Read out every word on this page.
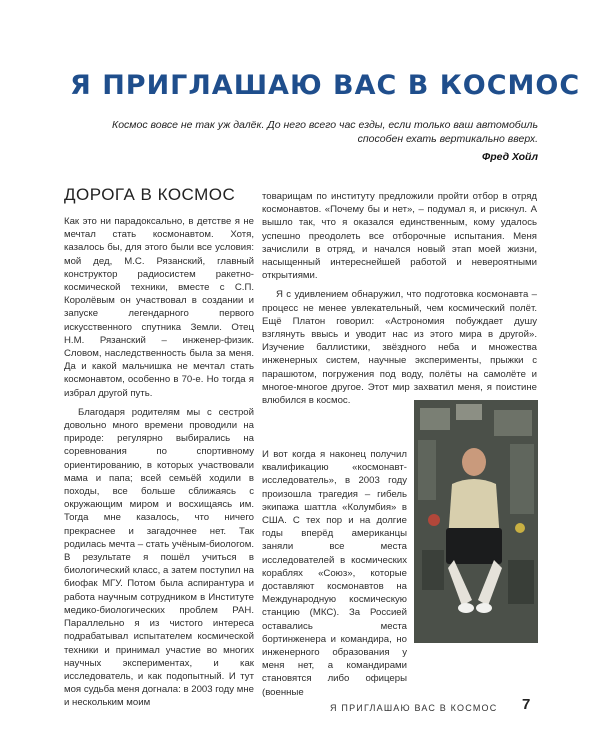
Я ПРИГЛАШАЮ ВАС В КОСМОС
Космос вовсе не так уж далёк. До него всего час езды, если только ваш автомобиль способен ехать вертикально вверх.
Фред Хойл
ДОРОГА В КОСМОС

Как это ни парадоксально, в детстве я не мечтал стать космонавтом. Хотя, казалось бы, для этого были все условия: мой дед, М.С. Рязанский, главный конструктор радиосистем ракетно-космической техники, вместе с С.П. Королёвым он участвовал в создании и запуске легендарного первого искусственного спутника Земли. Отец Н.М. Рязанский – инженер-физик. Словом, наследственность была за меня. Да и какой мальчишка не мечтал стать космонавтом, особенно в 70-е. Но тогда я избрал другой путь.

Благодаря родителям мы с сестрой довольно много времени проводили на природе: регулярно выбирались на соревнования по спортивному ориентированию, в которых участвовали мама и папа; всей семьёй ходили в походы, все больше сближаясь с окружающим миром и восхищаясь им. Тогда мне казалось, что ничего прекраснее и загадочнее нет. Так родилась мечта – стать учёным-биологом. В результате я пошёл учиться в биологический класс, а затем поступил на биофак МГУ. Потом была аспирантура и работа научным сотрудником в Институте медико-биологических проблем РАН. Параллельно я из чистого интереса подрабатывал испытателем космической техники и принимал участие во многих научных экспериментах, и как исследователь, и как подопытный. И тут моя судьба меня догнала: в 2003 году мне и нескольким моим

товарищам по институту предложили пройти отбор в отряд космонавтов. «Почему бы и нет», – подумал я, и рискнул. А вышло так, что я оказался единственным, кому удалось успешно преодолеть все отборочные испытания. Меня зачислили в отряд, и начался новый этап моей жизни, насыщенный интереснейшей работой и невероятными открытиями.

Я с удивлением обнаружил, что подготовка космонавта – процесс не менее увлекательный, чем космический полёт. Ещё Платон говорил: «Астрономия побуждает душу взглянуть ввысь и уводит нас из этого мира в другой». Изучение баллистики, звёздного неба и множества инженерных систем, научные эксперименты, прыжки с парашютом, погружения под воду, полёты на самолёте и многое-многое другое. Этот мир захватил меня, я поистине влюбился в космос.

И вот когда я наконец получил квалификацию «космонавт-исследователь», в 2003 году произошла трагедия – гибель экипажа шаттла «Колумбия» в США. С тех пор и на долгие годы вперёд американцы заняли все места исследователей в космических кораблях «Союз», которые доставляют космонавтов на Международную космическую станцию (МКС). За Россией оставались места бортинженера и командира, но инженерного образования у меня нет, а командирами становятся либо офицеры (военные

Я ПРИГЛАШАЮ ВАС В КОСМОС 7
